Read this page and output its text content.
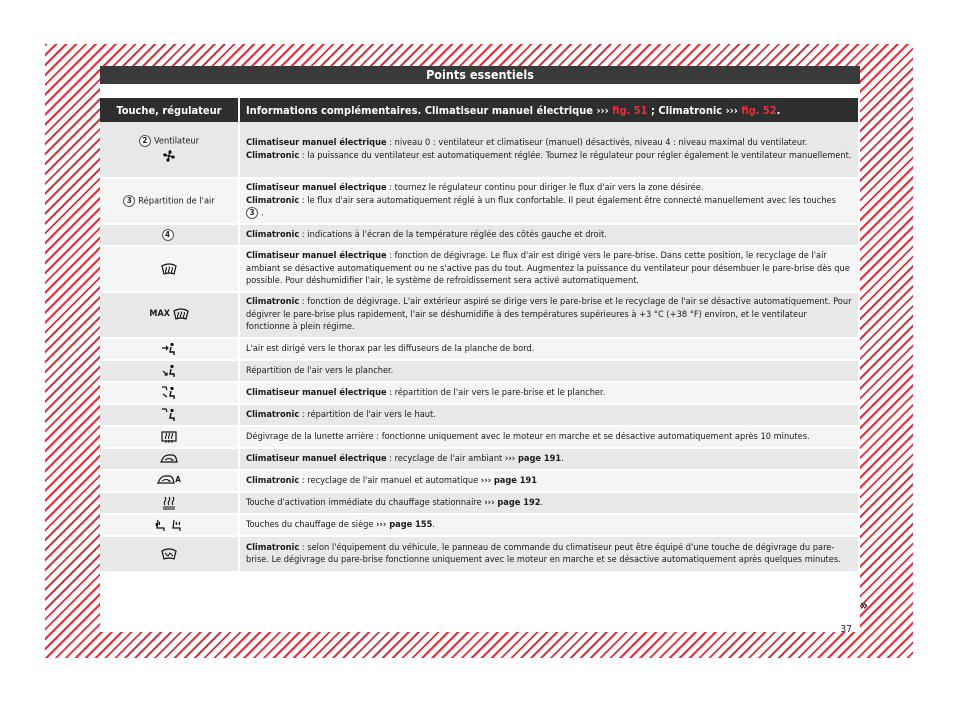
Points essentiels
Touche, régulateur	Informations complémentaires. Climatiseur manuel électrique ››› fig. 51 ; Climatronic ››› fig. 52.
2 Ventilateur	Climatiseur manuel électrique : niveau 0 : ventilateur et climatiseur (manuel) désactivés, niveau 4 : niveau maximal du ventilateur.
Climatronic : la puissance du ventilateur est automatiquement réglée. Tournez le régulateur pour régler également le ventilateur manuellement.
3 Répartition de l'air	Climatiseur manuel électrique : tournez le régulateur continu pour diriger le flux d'air vers la zone désirée.
Climatronic : le flux d'air sera automatiquement réglé à un flux confortable. Il peut également être connecté manuellement avec les touches 3 .
4	Climatronic : indications à l'écran de la température réglée des côtés gauche et droit.

	Climatiseur manuel électrique : fonction de dégivrage. Le flux d'air est dirigé vers le pare-brise. Dans cette position, le recyclage de l'air ambiant se désactive automatiquement ou ne s'active pas du tout. Augmentez la puissance du ventilateur pour désembuer le pare-brise dès que possible. Pour déshumidifier l'air, le système de refroidissement sera activé automatiquement.
MAX	Climatronic : fonction de dégivrage. L'air extérieur aspiré se dirige vers le pare-brise et le recyclage de l'air se désactive automatiquement. Pour dégivrer le pare-brise plus rapidement, l'air se déshumidifie à des températures supérieures à +3 °C (+38 °F) environ, et le ventilateur fonctionne à plein régime.

	L'air est dirigé vers le thorax par les diffuseurs de la planche de bord.

	Répartition de l'air vers le plancher.

	Climatiseur manuel électrique : répartition de l'air vers le pare-brise et le plancher.

	Climatronic : répartition de l'air vers le haut.

	Dégivrage de la lunette arrière : fonctionne uniquement avec le moteur en marche et se désactive automatiquement après 10 minutes.

	Climatiseur manuel électrique : recyclage de l'air ambiant ››› page 191.
A	Climatronic : recyclage de l'air manuel et automatique ››› page 191

	Touche d'activation immédiate du chauffage stationnaire ››› page 192.

	Touches du chauffage de siège ››› page 155.

	Climatronic : selon l'équipement du véhicule, le panneau de commande du climatiseur peut être équipé d'une touche de dégivrage du pare-brise. Le dégivrage du pare-brise fonctionne uniquement avec le moteur en marche et se désactive automatiquement après quelques minutes.
»
37
